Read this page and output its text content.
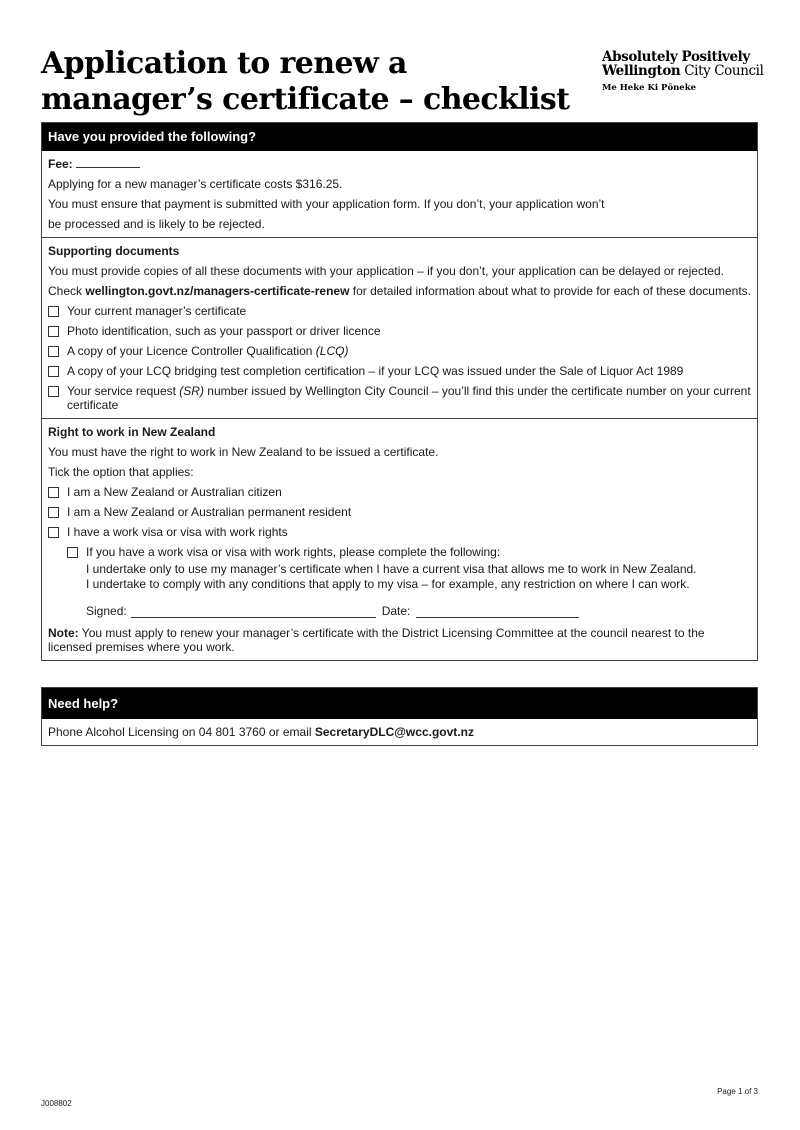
Application to renew a manager’s certificate – checklist
Absolutely Positively
Wellington City Council
Me Heke Ki Pōneke
Have you provided the following?
Fee:
Applying for a new manager’s certificate costs $316.25.
You must ensure that payment is submitted with your application form. If you don’t, your application won’t
be processed and is likely to be rejected.
Supporting documents
You must provide copies of all these documents with your application – if you don’t, your application can be delayed or rejected.
Check wellington.govt.nz/managers-certificate-renew for detailed information about what to provide for each of these documents.
Your current manager’s certificate
Photo identification, such as your passport or driver licence
A copy of your Licence Controller Qualification (LCQ)
A copy of your LCQ bridging test completion certification – if your LCQ was issued under the Sale of Liquor Act 1989
Your service request (SR) number issued by Wellington City Council – you’ll find this under the certificate number on your current certificate
Right to work in New Zealand
You must have the right to work in New Zealand to be issued a certificate.
Tick the option that applies:
I am a New Zealand or Australian citizen
I am a New Zealand or Australian permanent resident
I have a work visa or visa with work rights
If you have a work visa or visa with work rights, please complete the following:
I undertake only to use my manager’s certificate when I have a current visa that allows me to work in New Zealand.
I undertake to comply with any conditions that apply to my visa – for example, any restriction on where I can work.
Signed:	Date:
Note: You must apply to renew your manager’s certificate with the District Licensing Committee at the council nearest to the licensed premises where you work.
Need help?
Phone Alcohol Licensing on 04 801 3760 or email SecretaryDLC@wcc.govt.nz
Page 1 of 3
J008802
